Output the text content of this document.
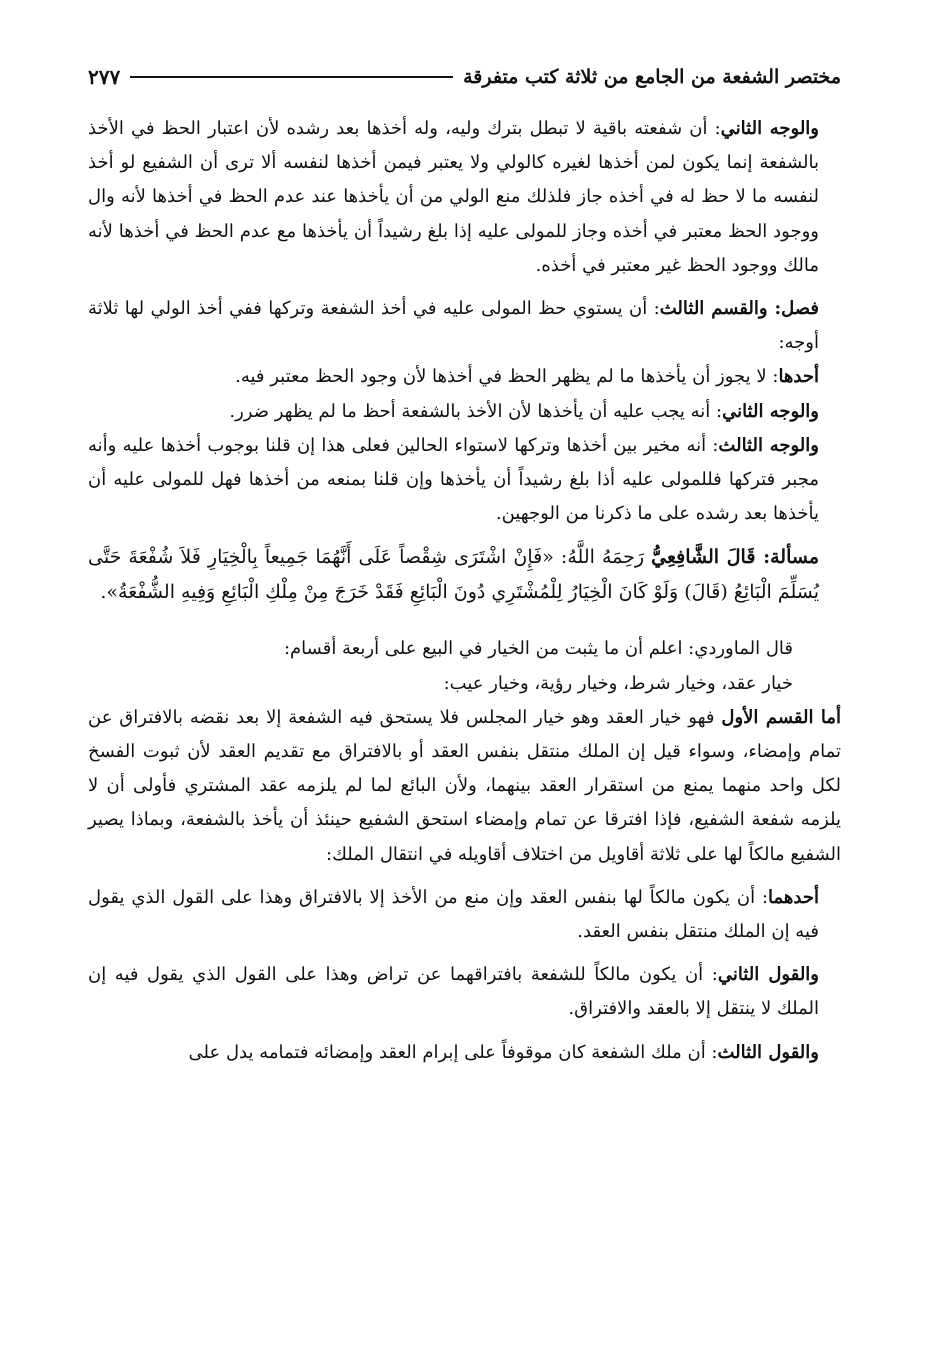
مختصر الشفعة من الجامع من ثلاثة كتب متفرقة
٢٧٧

والوجه الثاني: أن شفعته باقية لا تبطل بترك وليه، وله أخذها بعد رشده لأن اعتبار الحظ في الأخذ بالشفعة إنما يكون لمن أخذها لغيره كالولي ولا يعتبر فيمن أخذها لنفسه ألا ترى أن الشفيع لو أخذ لنفسه ما لا حظ له في أخذه جاز فلذلك منع الولي من أن يأخذها عند عدم الحظ في أخذها لأنه وال ووجود الحظ معتبر في أخذه وجاز للمولى عليه إذا بلغ رشيداً أن يأخذها مع عدم الحظ في أخذها لأنه مالك ووجود الحظ غير معتبر في أخذه.

فصل: والقسم الثالث: أن يستوي حظ المولى عليه في أخذ الشفعة وتركها ففي أخذ الولي لها ثلاثة أوجه:

أحدها: لا يجوز أن يأخذها ما لم يظهر الحظ في أخذها لأن وجود الحظ معتبر فيه.

والوجه الثاني: أنه يجب عليه أن يأخذها لأن الأخذ بالشفعة أحظ ما لم يظهر ضرر.

والوجه الثالث: أنه مخير بين أخذها وتركها لاستواء الحالين فعلى هذا إن قلنا بوجوب أخذها عليه وأنه مجبر فتركها فللمولى عليه أذا بلغ رشيداً أن يأخذها وإن قلنا بمنعه من أخذها فهل للمولى عليه أن يأخذها بعد رشده على ما ذكرنا من الوجهين.

مسألة: قَالَ الشَّافِعِيُّ رَحِمَهُ اللَّهُ: «فَإِنْ اشْتَرَى شِقْصاً عَلَى أَنَّهُمَا جَمِيعاً بِالْخِيَارِ فَلاَ شُفْعَةَ حَتَّى يُسَلِّمَ الْبَائِعُ (قَالَ) وَلَوْ كَانَ الْخِيَارُ لِلْمُشْتَرِي دُونَ الْبَائِعِ فَقَدْ خَرَجَ مِنْ مِلْكِ الْبَائِعِ وَفِيهِ الشُّفْعَةُ».

قال الماوردي: اعلم أن ما يثبت من الخيار في البيع على أربعة أقسام:

خيار عقد، وخيار شرط، وخيار رؤية، وخيار عيب:

أما القسم الأول فهو خيار العقد وهو خيار المجلس فلا يستحق فيه الشفعة إلا بعد نقضه بالافتراق عن تمام وإمضاء، وسواء قيل إن الملك منتقل بنفس العقد أو بالافتراق مع تقديم العقد لأن ثبوت الفسخ لكل واحد منهما يمنع من استقرار العقد بينهما، ولأن البائع لما لم يلزمه عقد المشتري فأولى أن لا يلزمه شفعة الشفيع، فإذا افترقا عن تمام وإمضاء استحق الشفيع حينئذ أن يأخذ بالشفعة، وبماذا يصير الشفيع مالكاً لها على ثلاثة أقاويل من اختلاف أقاويله في انتقال الملك:

أحدهما: أن يكون مالكاً لها بنفس العقد وإن منع من الأخذ إلا بالافتراق وهذا على القول الذي يقول فيه إن الملك منتقل بنفس العقد.

والقول الثاني: أن يكون مالكاً للشفعة بافتراقهما عن تراض وهذا على القول الذي يقول فيه إن الملك لا ينتقل إلا بالعقد والافتراق.

والقول الثالث: أن ملك الشفعة كان موقوفاً على إبرام العقد وإمضائه فتمامه يدل على
